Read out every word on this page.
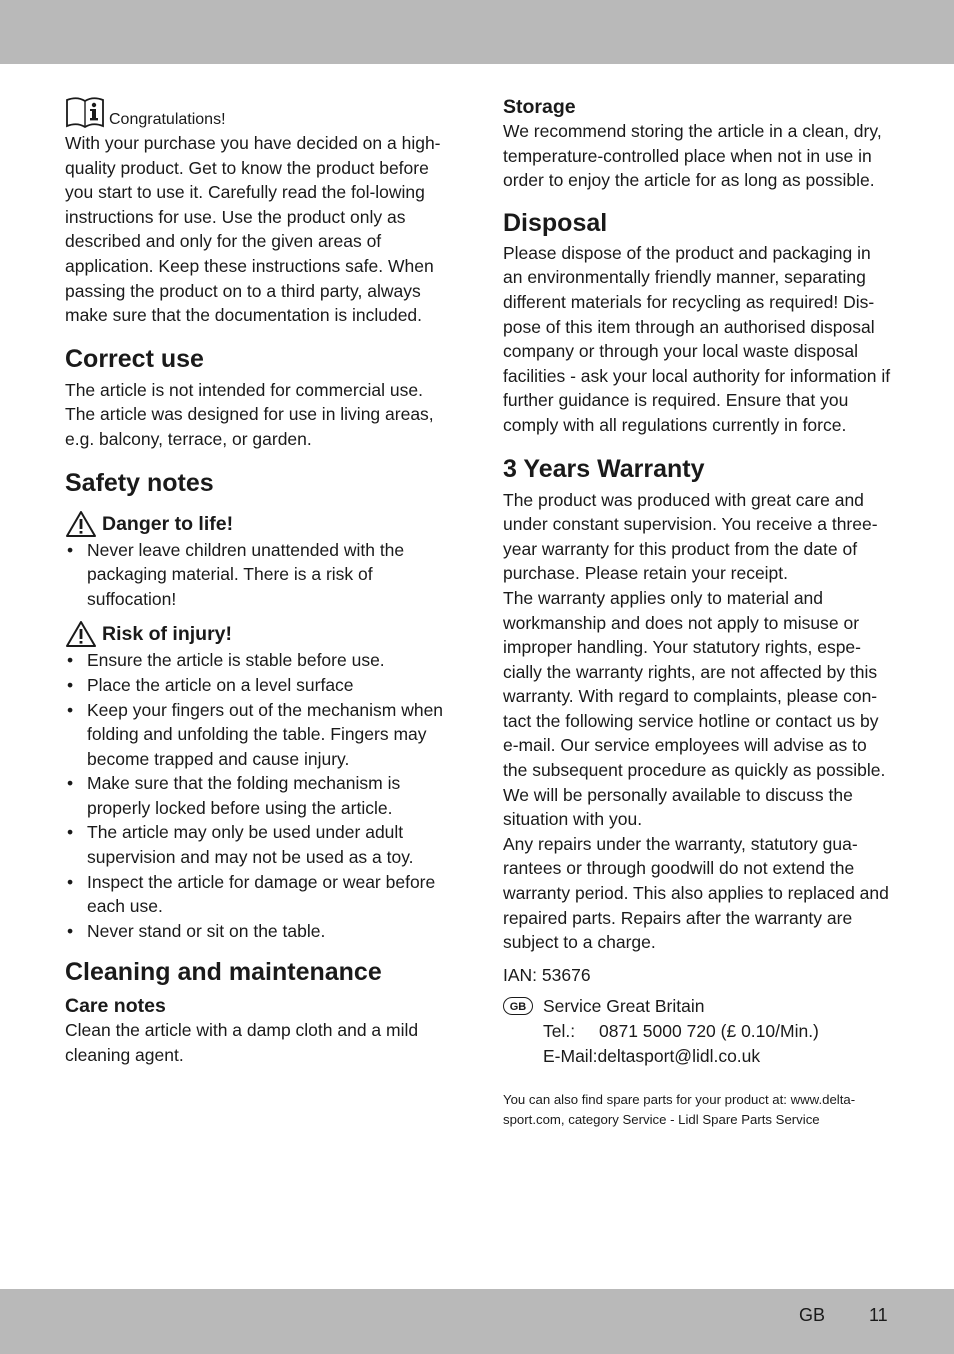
Congratulations!

With your purchase you have decided on a high-quality product. Get to know the product before you start to use it. Carefully read the fol-lowing instructions for use. Use the product only as described and only for the given areas of application. Keep these instructions safe. When passing the product on to a third party, always make sure that the documentation is included.

Correct use

The article is not intended for commercial use.

The article was designed for use in living areas, e.g. balcony, terrace, or garden.

Safety notes
Danger to life!
• Never leave children unattended with the packaging material. There is a risk of suffocation!
Risk of injury!
• Ensure the article is stable before use.
• Place the article on a level surface
• Keep your fingers out of the mechanism when folding and unfolding the table. Fingers may become trapped and cause injury.
• Make sure that the folding mechanism is properly locked before using the article.
• The article may only be used under adult supervision and may not be used as a toy.
• Inspect the article for damage or wear before each use.
• Never stand or sit on the table.
Cleaning and maintenance
Care notes

Clean the article with a damp cloth and a mild cleaning agent.

Storage

We recommend storing the article in a clean, dry, temperature-controlled place when not in use in order to enjoy the article for as long as possible.

Disposal

Please dispose of the product and packaging in an environmentally friendly manner, separating different materials for recycling as required! Dis-pose of this item through an authorised disposal company or through your local waste disposal facilities - ask your local authority for information if further guidance is required. Ensure that you comply with all regulations currently in force.

3 Years Warranty

The product was produced with great care and under constant supervision. You receive a three-year warranty for this product from the date of purchase. Please retain your receipt.

The warranty applies only to material and workmanship and does not apply to misuse or improper handling. Your statutory rights, espe-cially the warranty rights, are not affected by this warranty. With regard to complaints, please con-tact the following service hotline or contact us by e-mail. Our service employees will advise as to the subsequent procedure as quickly as possible. We will be personally available to discuss the situation with you.

Any repairs under the warranty, statutory gua-rantees or through goodwill do not extend the warranty period. This also applies to replaced and repaired parts. Repairs after the warranty are subject to a charge.

IAN: 53676

GB Service Great Britain

Tel.: 0871 5000 720 (£ 0.10/Min.)

E-Mail:deltasport@lidl.co.uk

You can also find spare parts for your product at: www.delta-sport.com, category Service - Lidl Spare Parts Service

GB 11
